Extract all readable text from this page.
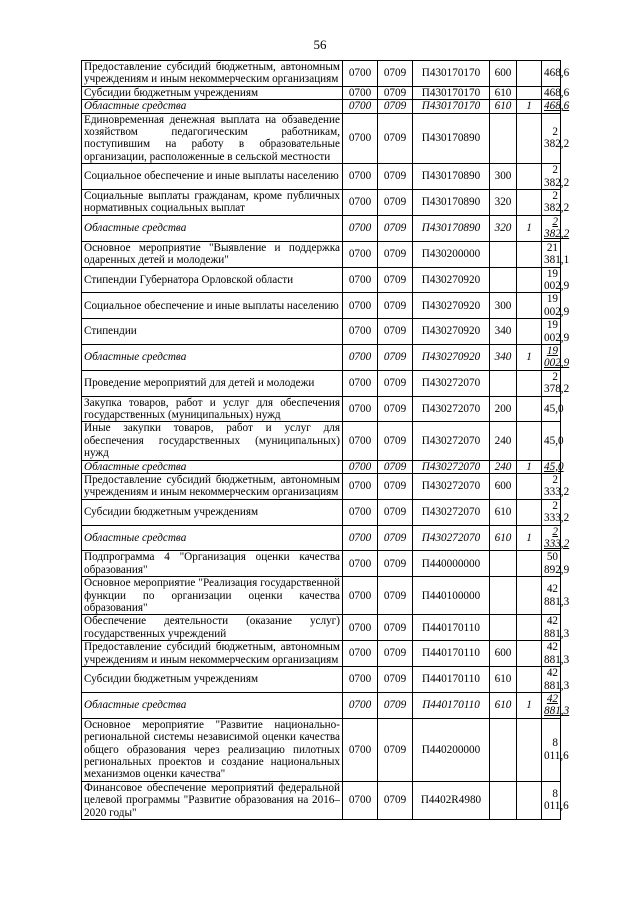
56
Предоставление субсидий бюджетным, автономным учреждениям и иным некоммерческим организациям	0700	0709	П430170170	600		468,6
Субсидии бюджетным учреждениям	0700	0709	П430170170	610		468,6
Областные средства	0700	0709	П430170170	610	1	468,6
Единовременная денежная выплата на обзаведение хозяйством педагогическим работникам, поступившим на работу в образовательные организации, расположенные в сельской местности	0700	0709	П430170890			2 382,2
Социальное обеспечение и иные выплаты населению	0700	0709	П430170890	300		2 382,2
Социальные выплаты гражданам, кроме публичных нормативных социальных выплат	0700	0709	П430170890	320		2 382,2
Областные средства	0700	0709	П430170890	320	1	2 382,2
Основное мероприятие "Выявление и поддержка одаренных детей и молодежи"	0700	0709	П430200000			21 381,1
Стипендии Губернатора Орловской области	0700	0709	П430270920			19 002,9
Социальное обеспечение и иные выплаты населению	0700	0709	П430270920	300		19 002,9
Стипендии	0700	0709	П430270920	340		19 002,9
Областные средства	0700	0709	П430270920	340	1	19 002,9
Проведение мероприятий для детей и молодежи	0700	0709	П430272070			2 378,2
Закупка товаров, работ и услуг для обеспечения государственных (муниципальных) нужд	0700	0709	П430272070	200		45,0
Иные закупки товаров, работ и услуг для обеспечения государственных (муниципальных) нужд	0700	0709	П430272070	240		45,0
Областные средства	0700	0709	П430272070	240	1	45,0
Предоставление субсидий бюджетным, автономным учреждениям и иным некоммерческим организациям	0700	0709	П430272070	600		2 333,2
Субсидии бюджетным учреждениям	0700	0709	П430272070	610		2 333,2
Областные средства	0700	0709	П430272070	610	1	2 333,2
Подпрограмма 4 "Организация оценки качества образования"	0700	0709	П440000000			50 892,9
Основное мероприятие "Реализация государственной функции по организации оценки качества образования"	0700	0709	П440100000			42 881,3
Обеспечение деятельности (оказание услуг) государственных учреждений	0700	0709	П440170110			42 881,3
Предоставление субсидий бюджетным, автономным учреждениям и иным некоммерческим организациям	0700	0709	П440170110	600		42 881,3
Субсидии бюджетным учреждениям	0700	0709	П440170110	610		42 881,3
Областные средства	0700	0709	П440170110	610	1	42 881,3
Основное мероприятие "Развитие национально-региональной системы независимой оценки качества общего образования через реализацию пилотных региональных проектов и создание национальных механизмов оценки качества"	0700	0709	П440200000			8 011,6
Финансовое обеспечение мероприятий федеральной целевой программы "Развитие образования на 2016–2020 годы"	0700	0709	П4402R4980			8 011,6
